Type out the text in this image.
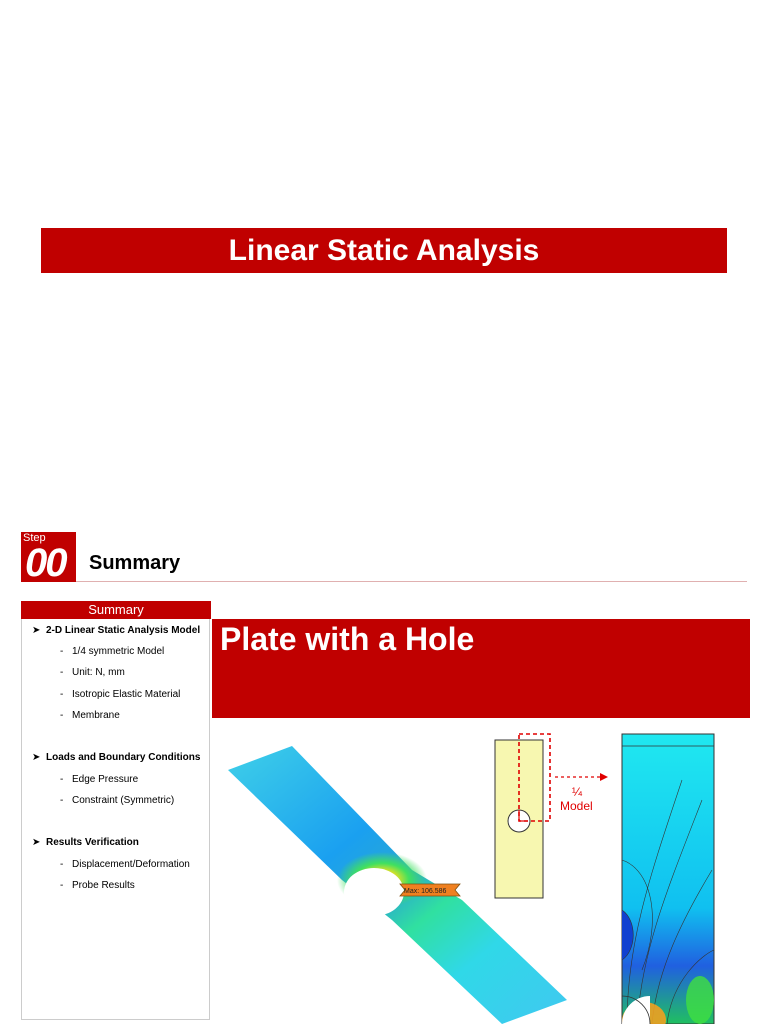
Linear Static Analysis
Step
00 Summary
Summary
➤ 2-D Linear Static Analysis Model
- 1/4 symmetric Model
- Unit: N, mm
- Isotropic Elastic Material
- Membrane
➤ Loads and Boundary Conditions
- Edge Pressure
- Constraint (Symmetric)
➤ Results Verification
- Displacement/Deformation
- Probe Results
Plate with a Hole
Max: 106.586
¼
Model
